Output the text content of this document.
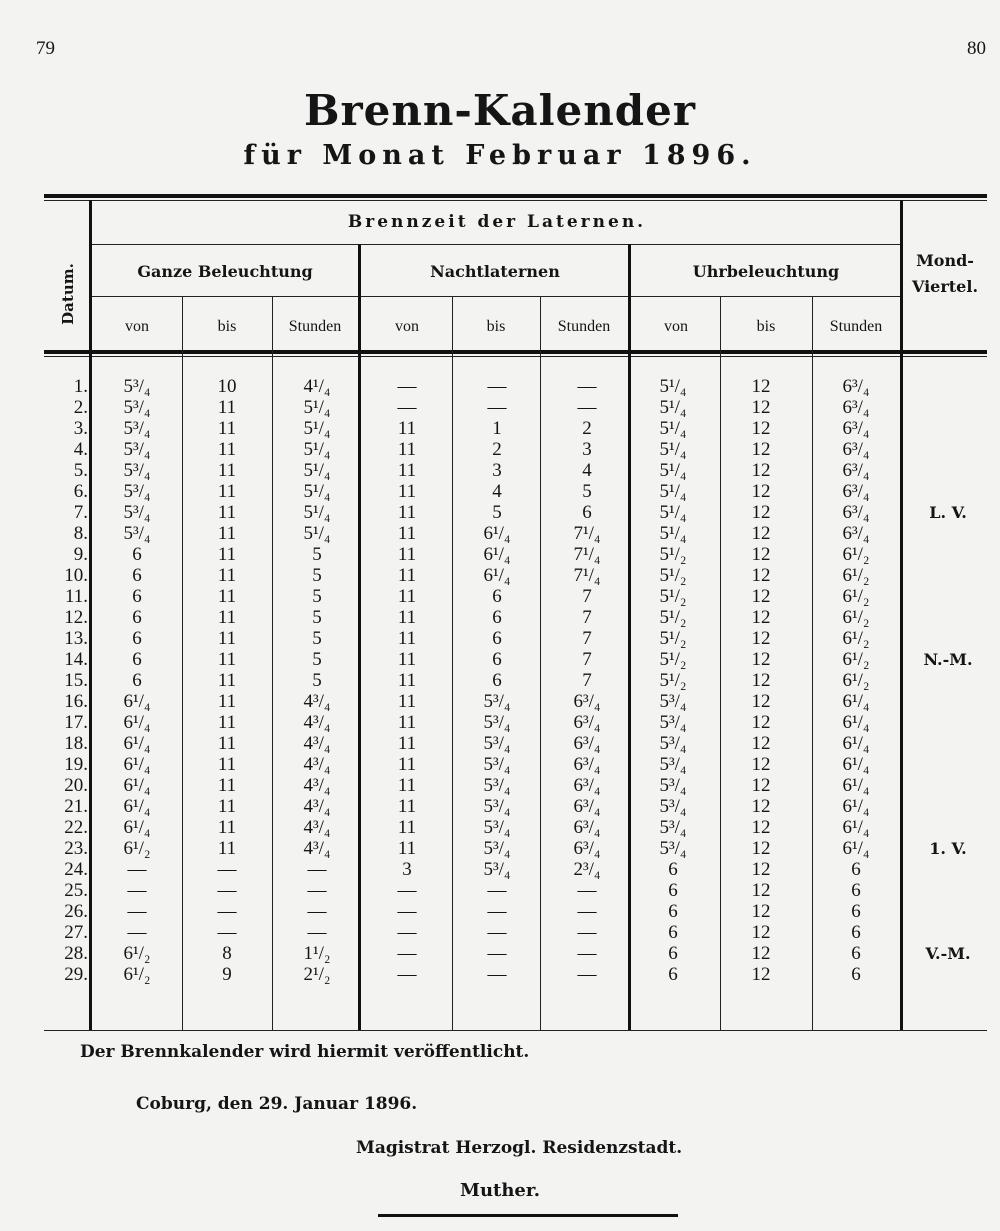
79	80
Brenn-Kalender
für Monat Februar 1896.
Datum.
Brennzeit der Laternen.
Ganze Beleuchtung	Nachtlaternen	Uhrbeleuchtung
Mond-Viertel.
von	bis	Stunden	von	bis	Stunden	von	bis	Stunden
1.	5³/₄	10	4¹/₄	—	—	—	5¹/₄	12	6³/₄
2.	5³/₄	11	5¹/₄	—	—	—	5¹/₄	12	6³/₄
3.	5³/₄	11	5¹/₄	11	1	2	5¹/₄	12	6³/₄
4.	5³/₄	11	5¹/₄	11	2	3	5¹/₄	12	6³/₄
5.	5³/₄	11	5¹/₄	11	3	4	5¹/₄	12	6³/₄
6.	5³/₄	11	5¹/₄	11	4	5	5¹/₄	12	6³/₄
7.	5³/₄	11	5¹/₄	11	5	6	5¹/₄	12	6³/₄	L. V.
8.	5³/₄	11	5¹/₄	11	6¹/₄	7¹/₄	5¹/₄	12	6³/₄
9.	6	11	5	11	6¹/₄	7¹/₄	5¹/₂	12	6¹/₂
10.	6	11	5	11	6¹/₄	7¹/₄	5¹/₂	12	6¹/₂
11.	6	11	5	11	6	7	5¹/₂	12	6¹/₂
12.	6	11	5	11	6	7	5¹/₂	12	6¹/₂
13.	6	11	5	11	6	7	5¹/₂	12	6¹/₂
14.	6	11	5	11	6	7	5¹/₂	12	6¹/₂	N.-M.
15.	6	11	5	11	6	7	5¹/₂	12	6¹/₂
16.	6¹/₄	11	4³/₄	11	5³/₄	6³/₄	5³/₄	12	6¹/₄
17.	6¹/₄	11	4³/₄	11	5³/₄	6³/₄	5³/₄	12	6¹/₄
18.	6¹/₄	11	4³/₄	11	5³/₄	6³/₄	5³/₄	12	6¹/₄
19.	6¹/₄	11	4³/₄	11	5³/₄	6³/₄	5³/₄	12	6¹/₄
20.	6¹/₄	11	4³/₄	11	5³/₄	6³/₄	5³/₄	12	6¹/₄
21.	6¹/₄	11	4³/₄	11	5³/₄	6³/₄	5³/₄	12	6¹/₄
22.	6¹/₄	11	4³/₄	11	5³/₄	6³/₄	5³/₄	12	6¹/₄
23.	6¹/₂	11	4³/₄	11	5³/₄	6³/₄	5³/₄	12	6¹/₄	1. V.
24.	—	—	—	3	5³/₄	2³/₄	6	12	6
25.	—	—	—	—	—	—	6	12	6
26.	—	—	—	—	—	—	6	12	6
27.	—	—	—	—	—	—	6	12	6
28.	6¹/₂	8	1¹/₂	—	—	—	6	12	6	V.-M.
29.	6¹/₂	9	2¹/₂	—	—	—	6	12	6
Der Brennkalender wird hiermit veröffentlicht.
Coburg, den 29. Januar 1896.
Magistrat Herzogl. Residenzstadt.
Muther.
